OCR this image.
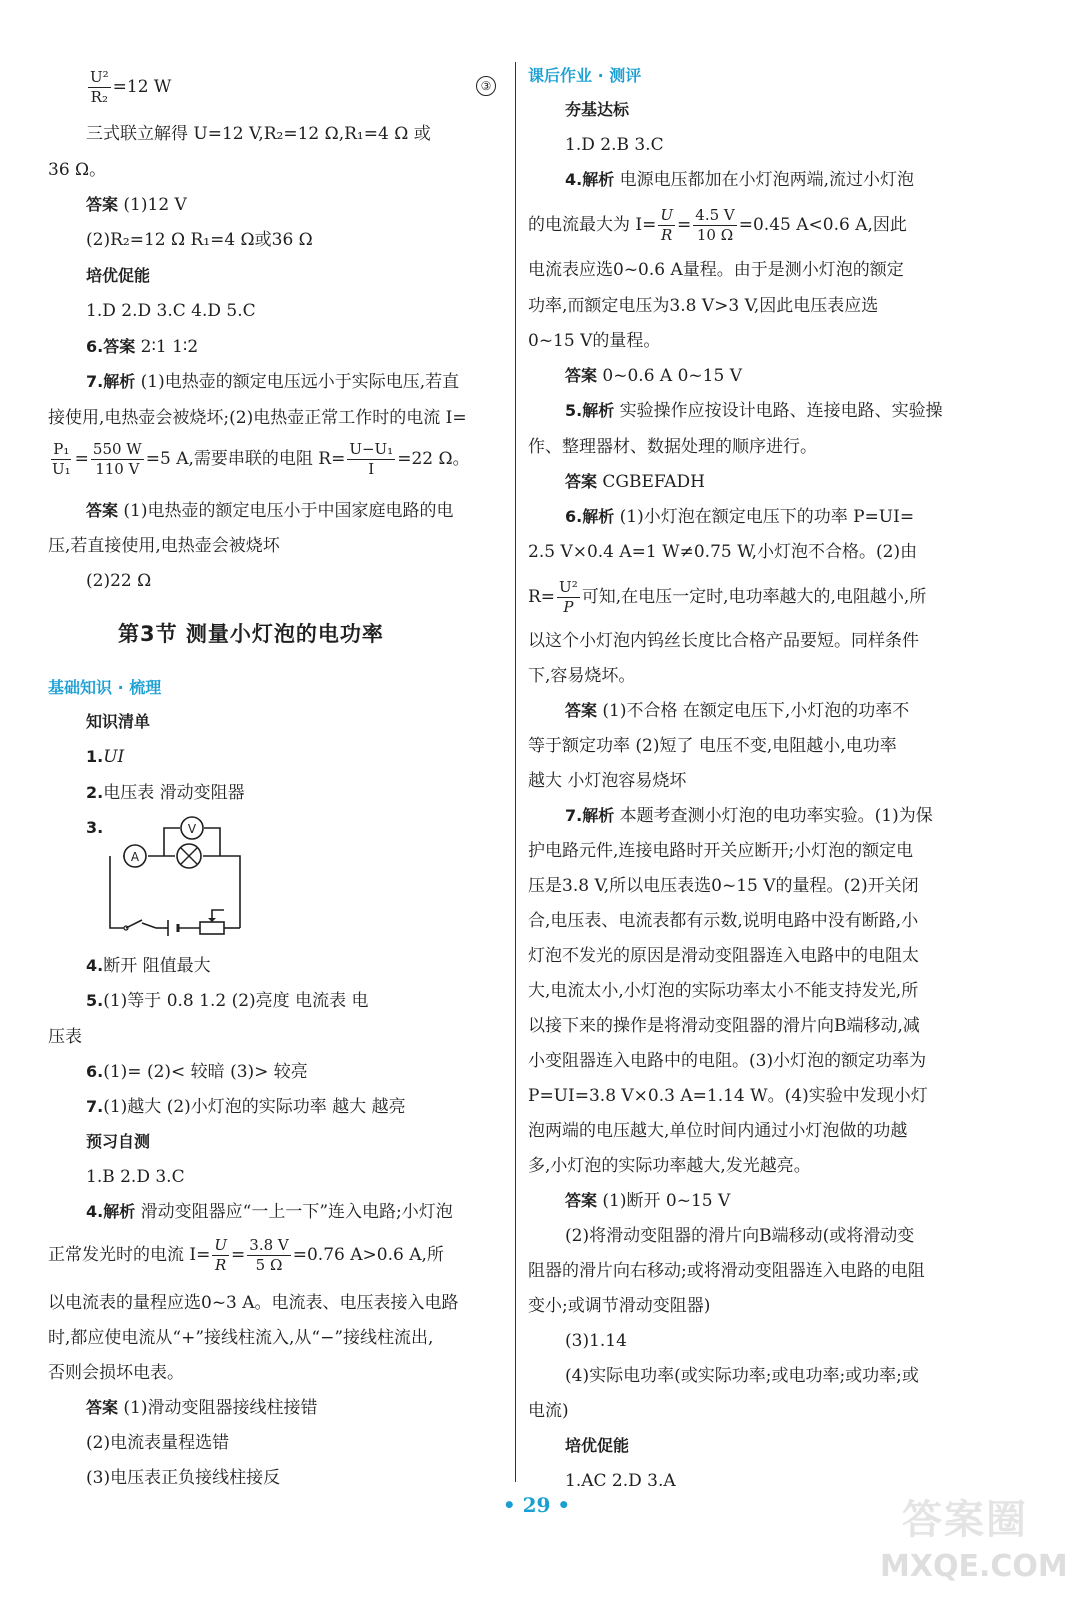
$\frac{\text{U²}}{\text{R₂}} =12$ W	③
三式联立解得 U=12 V,R₂=12 Ω,R₁=4 Ω 或
36 Ω。
答案 (1)12 V
(2)R₂=12 Ω R₁=4 Ω或36 Ω
培优促能
1.D 2.D 3.C 4.D 5.C
6.答案 2∶1 1∶2
7.解析 (1)电热壶的额定电压远小于实际电压,若直
接使用,电热壶会被烧坏;(2)电热壶正常工作时的电流 I=
$\frac{\text{P₁}}{\text{U₁}} = \frac{550 W}{110 V} =5$ A,需要串联的电阻 $R= \frac{\text{U−U₁}}{I} =22$ Ω。
答案 (1)电热壶的额定电压小于中国家庭电路的电
压,若直接使用,电热壶会被烧坏
(2)22 Ω
第3节 测量小灯泡的电功率
基础知识 · 梳理
知识清单
1.UI
2.电压表 滑动变阻器
3.
4.断开 阻值最大
5.(1)等于 0.8 1.2 (2)亮度 电流表 电
压表
6.(1)= (2)< 较暗 (3)> 较亮
7.(1)越大 (2)小灯泡的实际功率 越大 越亮
预习自测
1.B 2.D 3.C
4.解析 滑动变阻器应“一上一下”连入电路;小灯泡
正常发光时的电流 $I= \frac{U}{R} = \frac{3.8 V}{5 \Omega} =0.76$ A>0.6 A,所
以电流表的量程应选0~3 A。电流表、电压表接入电路
时,都应使电流从“+”接线柱流入,从“−”接线柱流出,
否则会损坏电表。
答案 (1)滑动变阻器接线柱接错
(2)电流表量程选错
(3)电压表正负接线柱接反
A
V
课后作业 · 测评
夯基达标
1.D 2.B 3.C
4.解析 电源电压都加在小灯泡两端,流过小灯泡
的电流最大为 $I= \frac{U}{R} = \frac{4.5 V}{10 \Omega} =0.45$ A<0.6 A,因此
电流表应选0~0.6 A量程。由于是测小灯泡的额定
功率,而额定电压为3.8 V>3 V,因此电压表应选
0~15 V的量程。
答案 0~0.6 A 0~15 V
5.解析 实验操作应按设计电路、连接电路、实验操
作、整理器材、数据处理的顺序进行。
答案 CGBEFADH
6.解析 (1)小灯泡在额定电压下的功率 P=UI=
2.5 V×0.4 A=1 W≠0.75 W,小灯泡不合格。(2)由
$R= \frac{\text{U²}}{P}$ 可知,在电压一定时,电功率越大的,电阻越小,所
以这个小灯泡内钨丝长度比合格产品要短。同样条件
下,容易烧坏。
答案 (1)不合格 在额定电压下,小灯泡的功率不
等于额定功率 (2)短了 电压不变,电阻越小,电功率
越大 小灯泡容易烧坏
7.解析 本题考查测小灯泡的电功率实验。(1)为保
护电路元件,连接电路时开关应断开;小灯泡的额定电
压是3.8 V,所以电压表选0~15 V的量程。(2)开关闭
合,电压表、电流表都有示数,说明电路中没有断路,小
灯泡不发光的原因是滑动变阻器连入电路中的电阻太
大,电流太小,小灯泡的实际功率太小不能支持发光,所
以接下来的操作是将滑动变阻器的滑片向B端移动,减
小变阻器连入电路中的电阻。(3)小灯泡的额定功率为
P=UI=3.8 V×0.3 A=1.14 W。(4)实验中发现小灯
泡两端的电压越大,单位时间内通过小灯泡做的功越
多,小灯泡的实际功率越大,发光越亮。
答案 (1)断开 0~15 V
(2)将滑动变阻器的滑片向B端移动(或将滑动变
阻器的滑片向右移动;或将滑动变阻器连入电路的电阻
变小;或调节滑动变阻器)
(3)1.14
(4)实际电功率(或实际功率;或电功率;或功率;或
电流)
培优促能
1.AC 2.D 3.A
• 29 •	答案圈
MXQE.COM
